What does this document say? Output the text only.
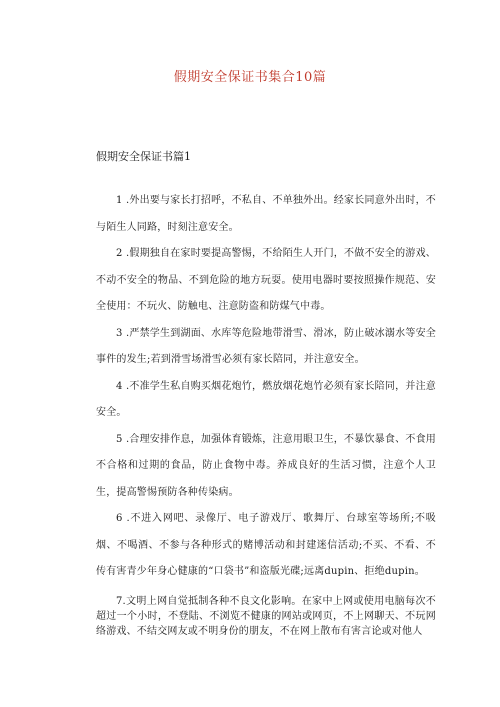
假期安全保证书集合10篇
假期安全保证书篇1

1 .外出要与家长打招呼，不私自、不单独外出。经家长同意外出时，不与陌生人同路，时刻注意安全。

2 .假期独自在家时要提高警惕，不给陌生人开门，不做不安全的游戏、不动不安全的物品、不到危险的地方玩耍。使用电器时要按照操作规范、安全使用：不玩火、防触电、注意防盗和防煤气中毒。

3 .严禁学生到湖面、水库等危险地带滑雪、滑冰，防止破冰溺水等安全事件的发生;若到滑雪场滑雪必须有家长陪同，并注意安全。

4 .不准学生私自购买烟花炮竹，燃放烟花炮竹必须有家长陪同，并注意安全。

5 .合理安排作息，加强体育锻炼，注意用眼卫生，不暴饮暴食、不食用不合格和过期的食品，防止食物中毒。养成良好的生活习惯，注意个人卫生，提高警惕预防各种传染病。

6 .不进入网吧、录像厅、电子游戏厅、歌舞厅、台球室等场所;不吸烟、不喝酒、不参与各种形式的赌博活动和封建迷信活动;不买、不看、不传有害青少年身心健康的“口袋书”和盗版光碟;远离dupin、拒绝dupin。

7.文明上网自觉抵制各种不良文化影响。在家中上网或使用电脑每次不超过一个小时，不登陆、不浏览不健康的网站或网页，不上网聊天、不玩网络游戏、不结交网友或不明身份的朋友，不在网上散布有害言论或对他人
